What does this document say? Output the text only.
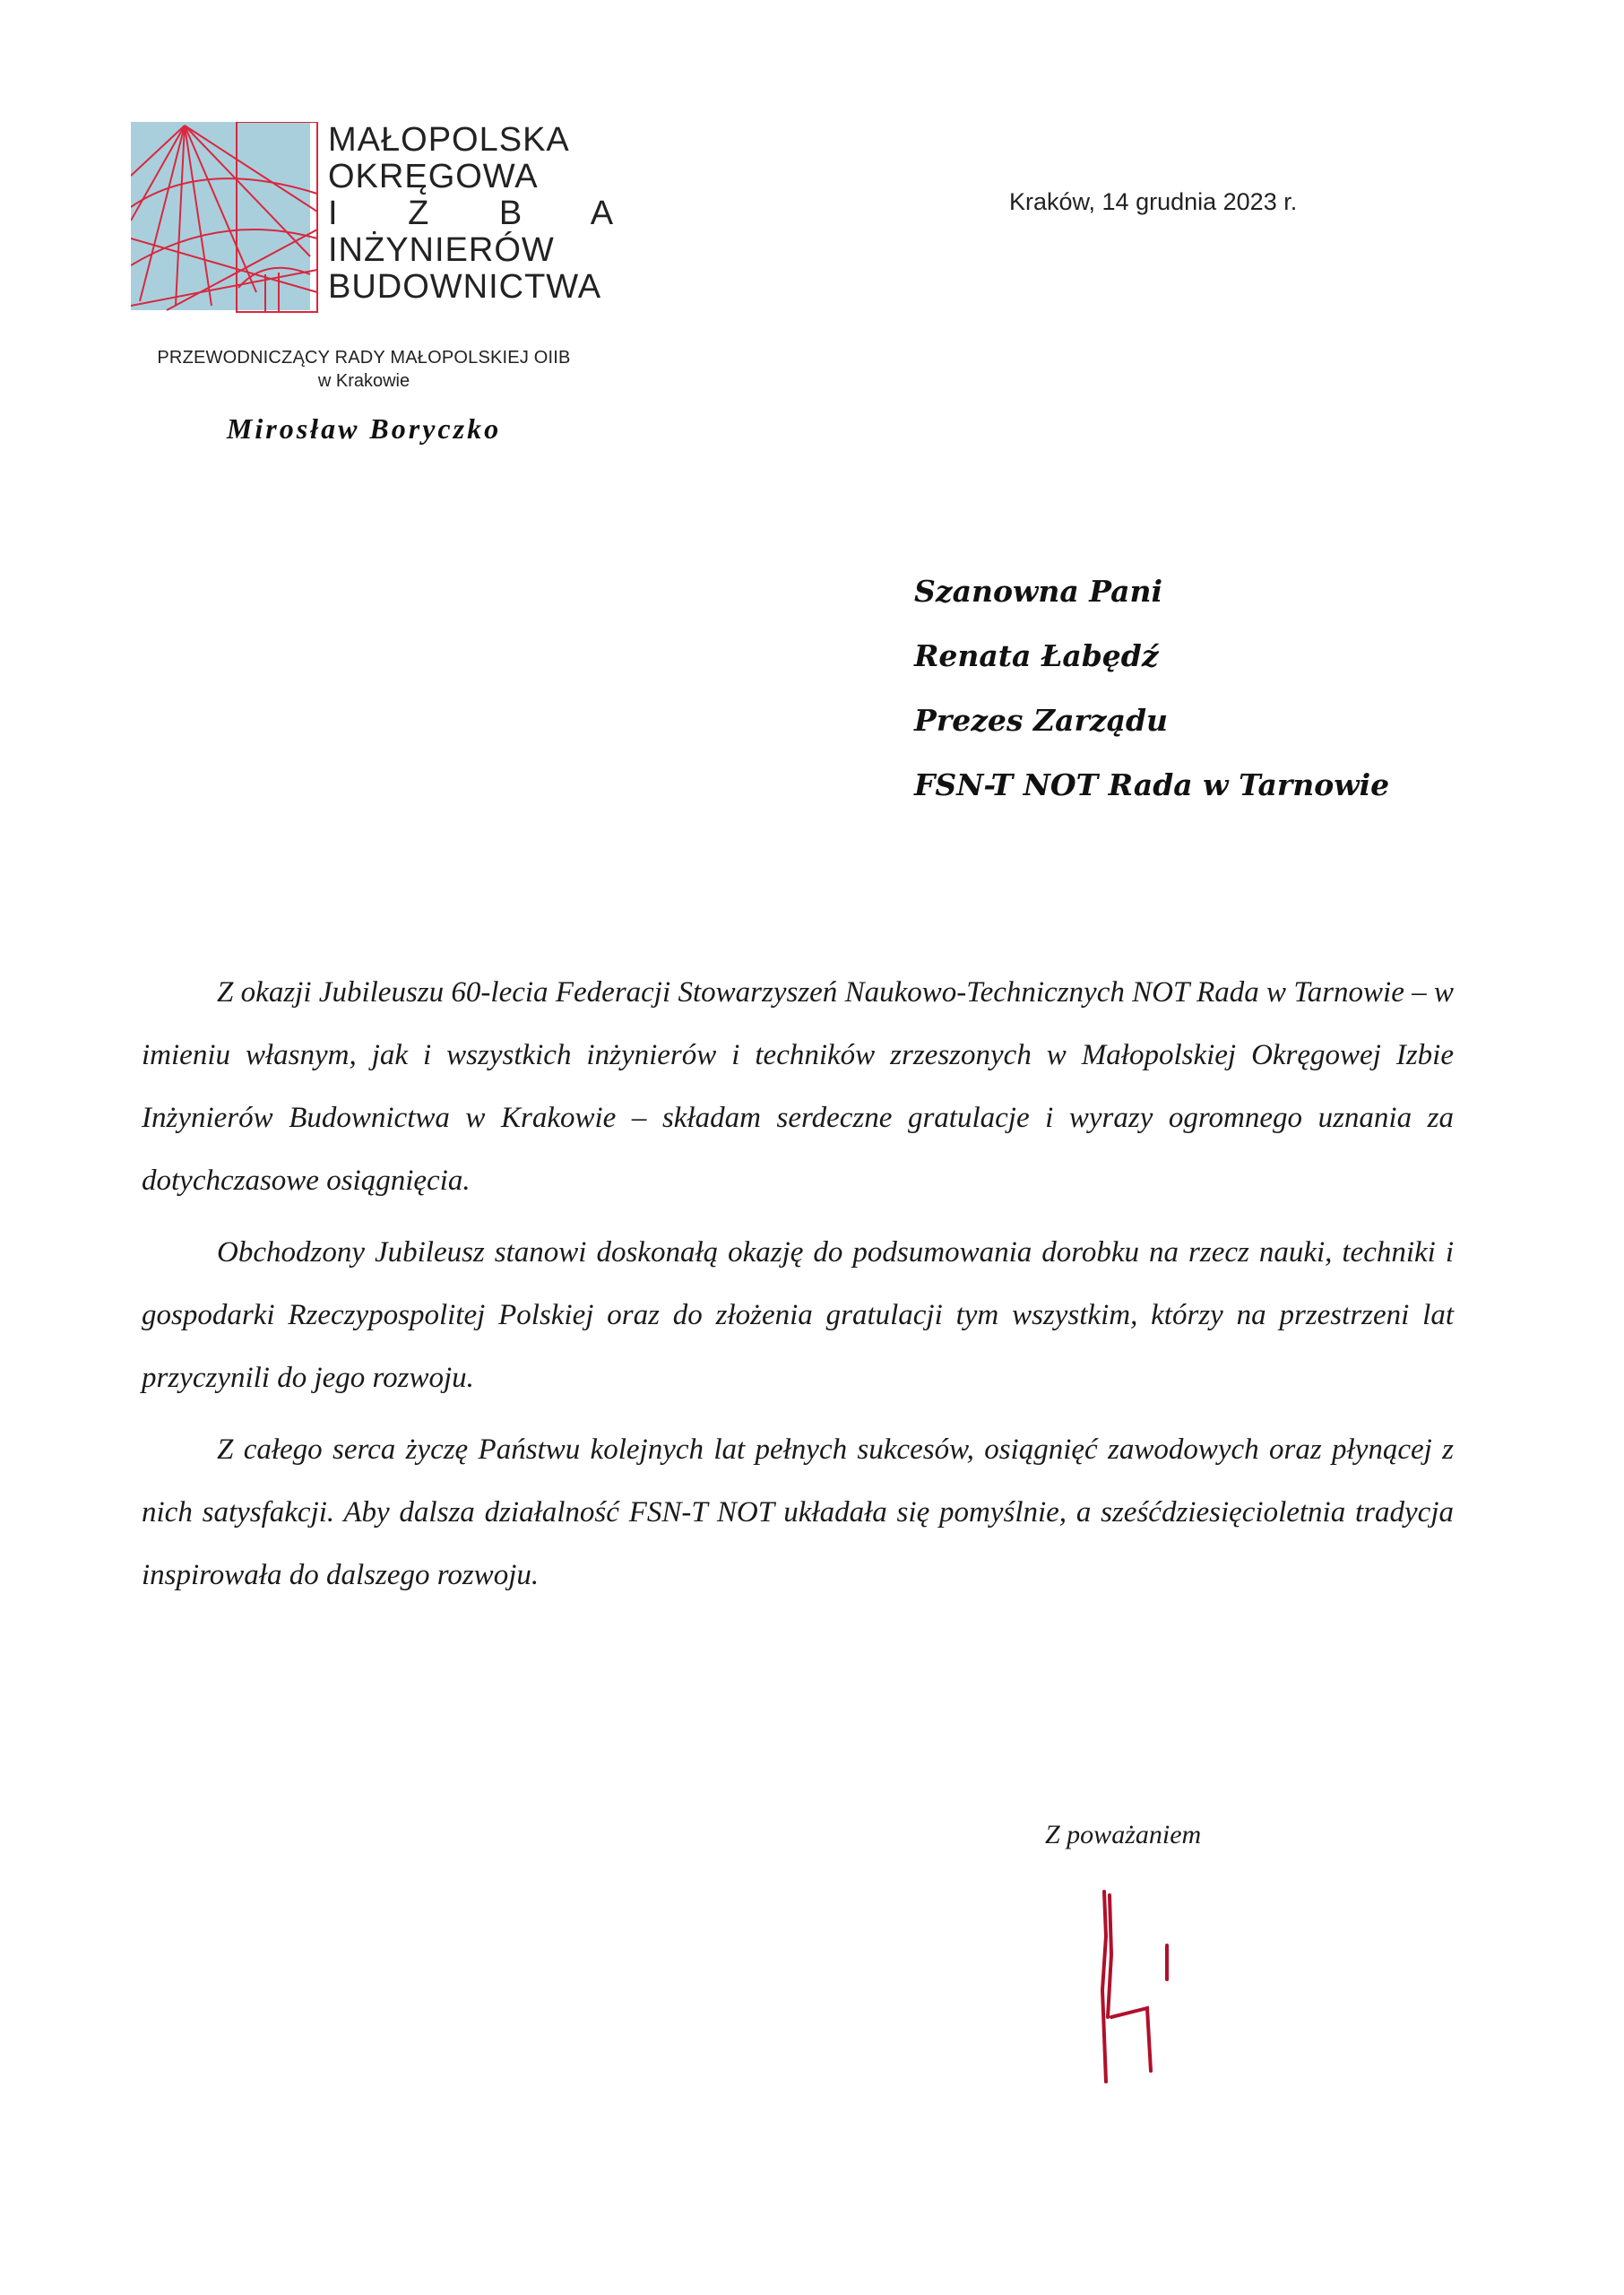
MAŁOPOLSKA
OKRĘGOWA
I Z B A
INŻYNIERÓW
BUDOWNICTWA
PRZEWODNICZĄCY RADY MAŁOPOLSKIEJ OIIB
w Krakowie
Mirosław Boryczko
Kraków, 14 grudnia 2023 r.
Szanowna Pani
Renata Łabędź
Prezes Zarządu
FSN-T NOT Rada w Tarnowie

Z okazji Jubileuszu 60-lecia Federacji Stowarzyszeń Naukowo-Technicznych NOT Rada w Tarnowie – w imieniu własnym, jak i wszystkich inżynierów i techników zrzeszonych w Małopolskiej Okręgowej Izbie Inżynierów Budownictwa w Krakowie – składam serdeczne gratulacje i wyrazy ogromnego uznania za dotychczasowe osiągnięcia.

Obchodzony Jubileusz stanowi doskonałą okazję do podsumowania dorobku na rzecz nauki, techniki i gospodarki Rzeczypospolitej Polskiej oraz do złożenia gratulacji tym wszystkim, którzy na przestrzeni lat przyczynili do jego rozwoju.

Z całego serca życzę Państwu kolejnych lat pełnych sukcesów, osiągnięć zawodowych oraz płynącej z nich satysfakcji. Aby dalsza działalność FSN-T NOT układała się pomyślnie, a sześćdziesięcioletnia tradycja inspirowała do dalszego rozwoju.

Z poważaniem
